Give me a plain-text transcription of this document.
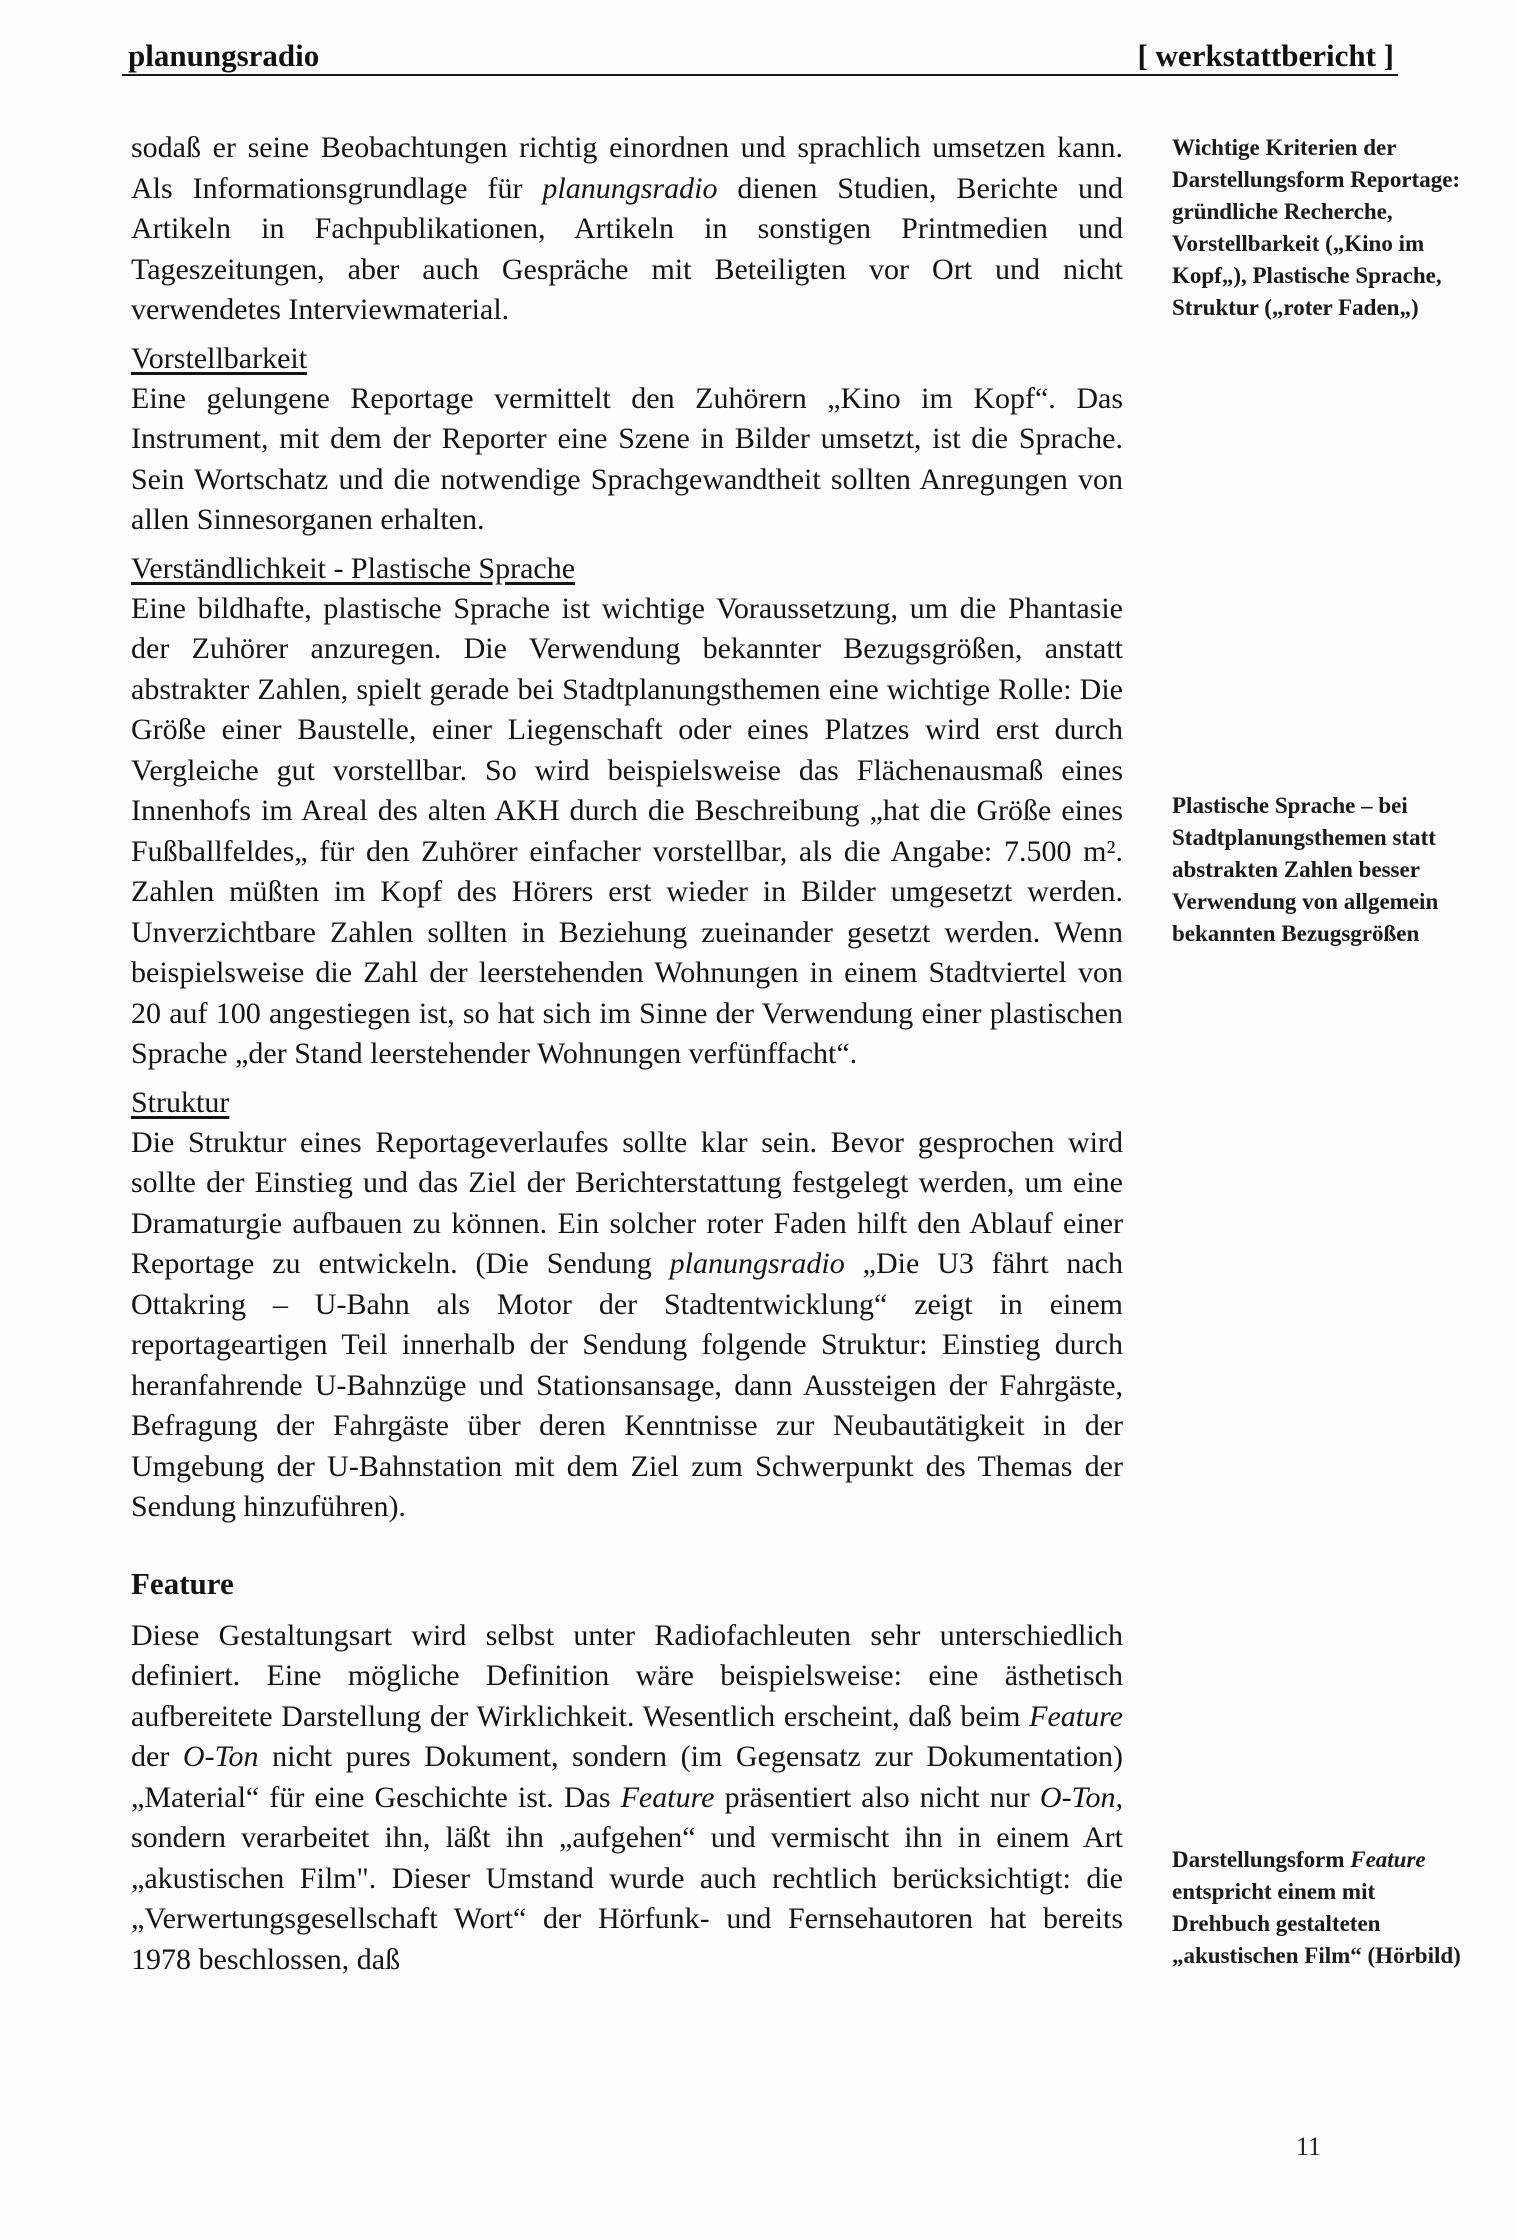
planungsradio	[ werkstattbericht ]

sodaß er seine Beobachtungen richtig einordnen und sprachlich umsetzen kann. Als Informationsgrundlage für planungsradio dienen Studien, Berichte und Artikeln in Fachpublikationen, Artikeln in sonstigen Printmedien und Tageszeitungen, aber auch Gespräche mit Beteiligten vor Ort und nicht verwendetes Interviewmaterial.

Vorstellbarkeit

Eine gelungene Reportage vermittelt den Zuhörern „Kino im Kopf“. Das Instrument, mit dem der Reporter eine Szene in Bilder umsetzt, ist die Sprache. Sein Wortschatz und die notwendige Sprachgewandtheit sollten Anregungen von allen Sinnesorganen erhalten.

Verständlichkeit - Plastische Sprache

Eine bildhafte, plastische Sprache ist wichtige Voraussetzung, um die Phantasie der Zuhörer anzuregen. Die Verwendung bekannter Bezugsgrößen, anstatt abstrakter Zahlen, spielt gerade bei Stadtplanungsthemen eine wichtige Rolle: Die Größe einer Baustelle, einer Liegenschaft oder eines Platzes wird erst durch Vergleiche gut vorstellbar. So wird beispielsweise das Flächenausmaß eines Innenhofs im Areal des alten AKH durch die Beschreibung „hat die Größe eines Fußballfeldes„ für den Zuhörer einfacher vorstellbar, als die Angabe: 7.500 m². Zahlen müßten im Kopf des Hörers erst wieder in Bilder umgesetzt werden. Unverzichtbare Zahlen sollten in Beziehung zueinander gesetzt werden. Wenn beispielsweise die Zahl der leerstehenden Wohnungen in einem Stadtviertel von 20 auf 100 angestiegen ist, so hat sich im Sinne der Verwendung einer plastischen Sprache „der Stand leerstehender Wohnungen verfünffacht“.

Struktur

Die Struktur eines Reportageverlaufes sollte klar sein. Bevor gesprochen wird sollte der Einstieg und das Ziel der Berichterstattung festgelegt werden, um eine Dramaturgie aufbauen zu können. Ein solcher roter Faden hilft den Ablauf einer Reportage zu entwickeln. (Die Sendung planungsradio „Die U3 fährt nach Ottakring – U-Bahn als Motor der Stadtentwicklung“ zeigt in einem reportageartigen Teil innerhalb der Sendung folgende Struktur: Einstieg durch heranfahrende U-Bahnzüge und Stationsansage, dann Aussteigen der Fahrgäste, Befragung der Fahrgäste über deren Kenntnisse zur Neubautätigkeit in der Umgebung der U-Bahnstation mit dem Ziel zum Schwerpunkt des Themas der Sendung hinzuführen).

Feature

Diese Gestaltungsart wird selbst unter Radiofachleuten sehr unterschiedlich definiert. Eine mögliche Definition wäre beispielsweise: eine ästhetisch aufbereitete Darstellung der Wirklichkeit. Wesentlich erscheint, daß beim Feature der O-Ton nicht pures Dokument, sondern (im Gegensatz zur Dokumentation) „Material“ für eine Geschichte ist. Das Feature präsentiert also nicht nur O-Ton, sondern verarbeitet ihn, läßt ihn „aufgehen“ und vermischt ihn in einem Art „akustischen Film". Dieser Umstand wurde auch rechtlich berücksichtigt: die „Verwertungsgesellschaft Wort“ der Hörfunk- und Fernsehautoren hat bereits 1978 beschlossen, daß

Wichtige Kriterien der Darstellungsform Reportage: gründliche Recherche, Vorstellbarkeit („Kino im Kopf„), Plastische Sprache, Struktur („roter Faden„)
Plastische Sprache – bei Stadtplanungsthemen statt abstrakten Zahlen besser Verwendung von allgemein bekannten Bezugsgrößen
Darstellungsform Feature entspricht einem mit Drehbuch gestalteten „akustischen Film“ (Hörbild)
11
